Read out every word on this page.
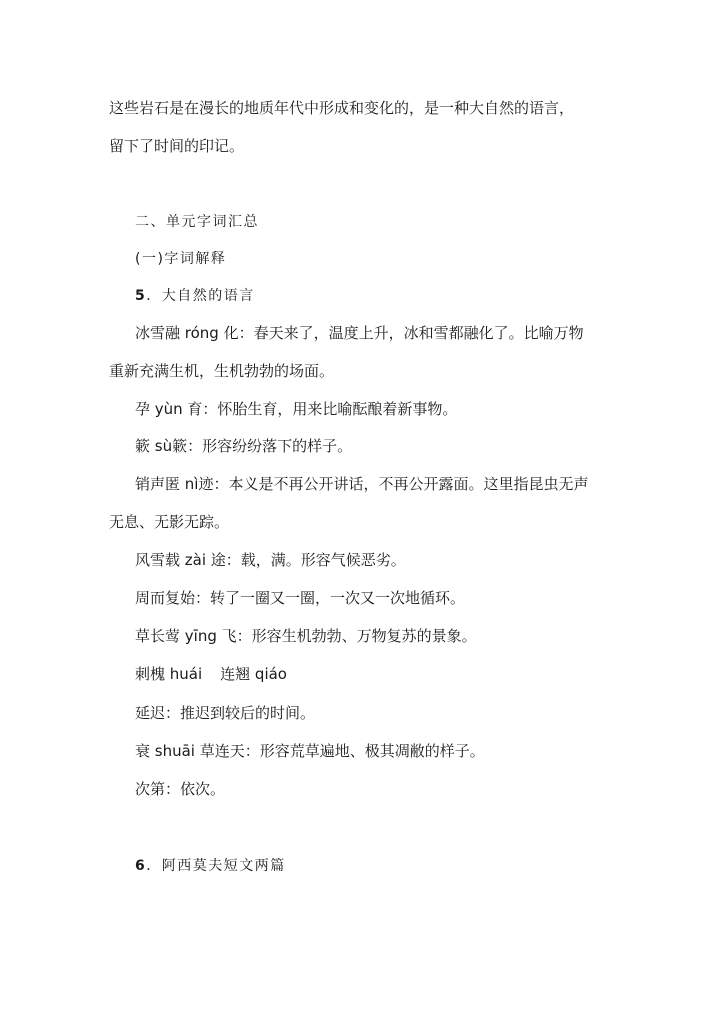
这些岩石是在漫长的地质年代中形成和变化的，是一种大自然的语言，
留下了时间的印记。
二、单元字词汇总
(一)字词解释
5．大自然的语言
冰雪融 róng 化：春天来了，温度上升，冰和雪都融化了。比喻万物
重新充满生机，生机勃勃的场面。
孕 yùn 育：怀胎生育，用来比喻酝酿着新事物。
簌 sù簌：形容纷纷落下的样子。
销声匿 nì迹：本义是不再公开讲话，不再公开露面。这里指昆虫无声
无息、无影无踪。
风雪载 zài 途：载，满。形容气候恶劣。
周而复始：转了一圈又一圈，一次又一次地循环。
草长莺 yīng 飞：形容生机勃勃、万物复苏的景象。
刺槐 huái 连翘 qiáo
延迟：推迟到较后的时间。
衰 shuāi 草连天：形容荒草遍地、极其凋敝的样子。
次第：依次。
6．阿西莫夫短文两篇
